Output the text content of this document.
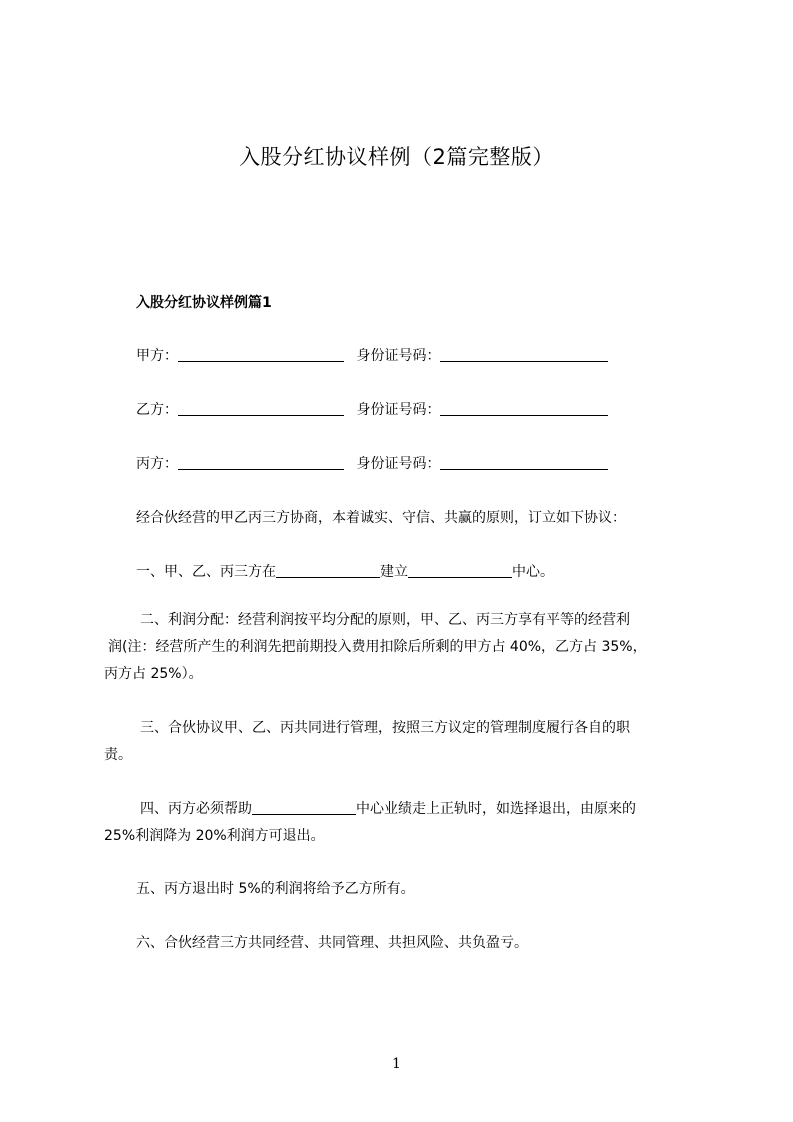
入股分红协议样例（2篇完整版）
入股分红协议样例篇1
甲方：	身份证号码：
乙方：	身份证号码：
丙方：	身份证号码：
经合伙经营的甲乙丙三方协商，本着诚实、守信、共赢的原则，订立如下协议：
一、甲、乙、丙三方在	建立	中心。
二、利润分配：经营利润按平均分配的原则，甲、乙、丙三方享有平等的经营利
润(注：经营所产生的利润先把前期投入费用扣除后所剩的甲方占 40%，乙方占 35%，
丙方占 25%）。
三、合伙协议甲、乙、丙共同进行管理，按照三方议定的管理制度履行各自的职
责。
四、丙方必须帮助	中心业绩走上正轨时，如选择退出，由原来的
25%利润降为 20%利润方可退出。
五、丙方退出时 5%的利润将给予乙方所有。
六、合伙经营三方共同经营、共同管理、共担风险、共负盈亏。
1
